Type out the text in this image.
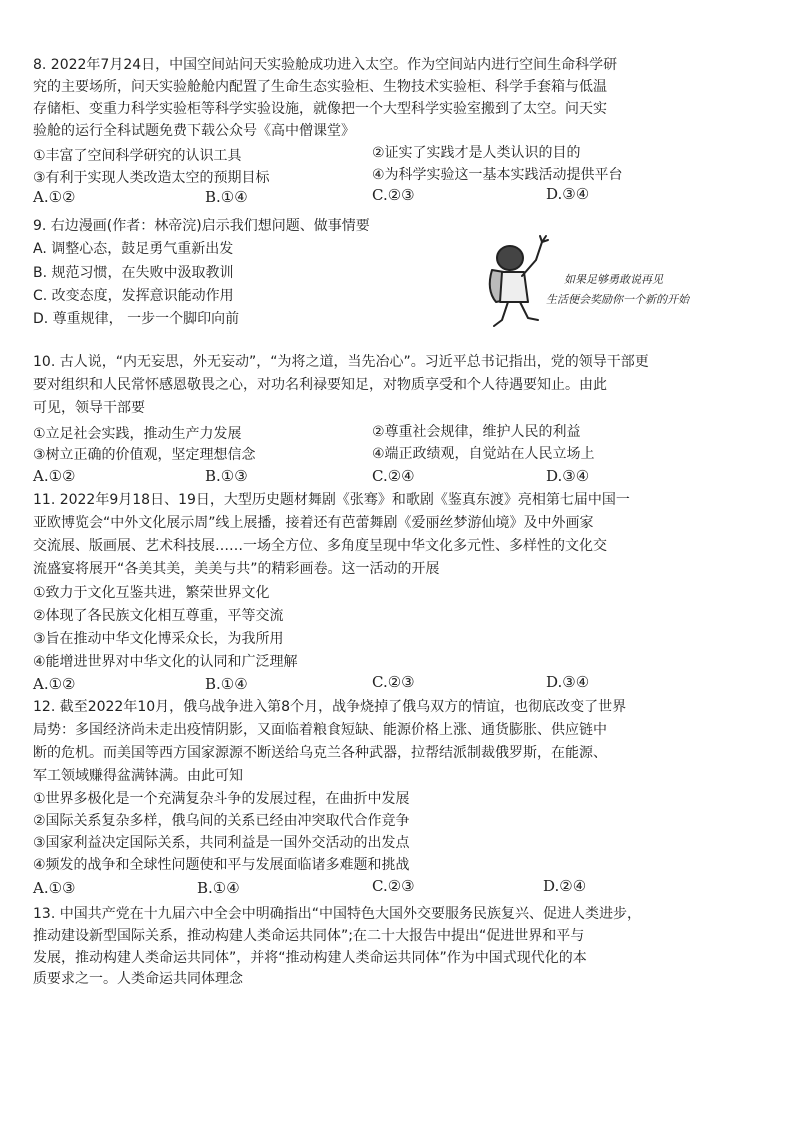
8. 2022年7月24日，中国空间站问天实验舱成功进入太空。作为空间站内进行空间生命科学研
究的主要场所，问天实验舱舱内配置了生命生态实验柜、生物技术实验柜、科学手套箱与低温
存储柜、变重力科学实验柜等科学实验设施，就像把一个大型科学实验室搬到了太空。问天实
验舱的运行全科试题免费下载公众号《高中僧课堂》
①丰富了空间科学研究的认识工具	②证实了实践才是人类认识的目的
③有利于实现人类改造太空的预期目标	④为科学实验这一基本实践活动提供平台
A.①②	B.①④	C.②③	D.③④
9. 右边漫画(作者：林帝浣)启示我们想问题、做事情要
A. 调整心态，鼓足勇气重新出发
B. 规范习惯，在失败中汲取教训
C. 改变态度，发挥意识能动作用
D. 尊重规律， 一步一个脚印向前
如果足够勇敢说再见
生活便会奖励你一个新的开始
10. 古人说，“内无妄思，外无妄动”，“为将之道，当先冶心”。习近平总书记指出，党的领导干部更
要对组织和人民常怀感恩敬畏之心，对功名利禄要知足，对物质享受和个人待遇要知止。由此
可见，领导干部要
①立足社会实践，推动生产力发展	②尊重社会规律，维护人民的利益
③树立正确的价值观，坚定理想信念	④端正政绩观，自觉站在人民立场上
A.①②	B.①③	C.②④	D.③④
11. 2022年9月18日、19日，大型历史题材舞剧《张骞》和歌剧《鉴真东渡》亮相第七届中国一
亚欧博览会“中外文化展示周”线上展播，接着还有芭蕾舞剧《爱丽丝梦游仙境》及中外画家
交流展、版画展、艺术科技展……一场全方位、多角度呈现中华文化多元性、多样性的文化交
流盛宴将展开“各美其美，美美与共”的精彩画卷。这一活动的开展
①致力于文化互鉴共进，繁荣世界文化
②体现了各民族文化相互尊重，平等交流
③旨在推动中华文化博采众长，为我所用
④能增进世界对中华文化的认同和广泛理解
A.①②	B.①④	C.②③	D.③④
12. 截至2022年10月，俄乌战争进入第8个月，战争烧掉了俄乌双方的情谊，也彻底改变了世界
局势：多国经济尚未走出疫情阴影，又面临着粮食短缺、能源价格上涨、通货膨胀、供应链中
断的危机。而美国等西方国家源源不断送给乌克兰各种武器，拉帮结派制裁俄罗斯，在能源、
军工领域赚得盆满钵满。由此可知
①世界多极化是一个充满复杂斗争的发展过程，在曲折中发展
②国际关系复杂多样，俄乌间的关系已经由冲突取代合作竞争
③国家利益决定国际关系，共同利益是一国外交活动的出发点
④频发的战争和全球性问题使和平与发展面临诸多难题和挑战
A.①③	B.①④	C.②③	D.②④
13. 中国共产党在十九届六中全会中明确指出“中国特色大国外交要服务民族复兴、促进人类进步，
推动建设新型国际关系，推动构建人类命运共同体”;在二十大报告中提出“促进世界和平与
发展，推动构建人类命运共同体”，并将“推动构建人类命运共同体”作为中国式现代化的本
质要求之一。人类命运共同体理念
